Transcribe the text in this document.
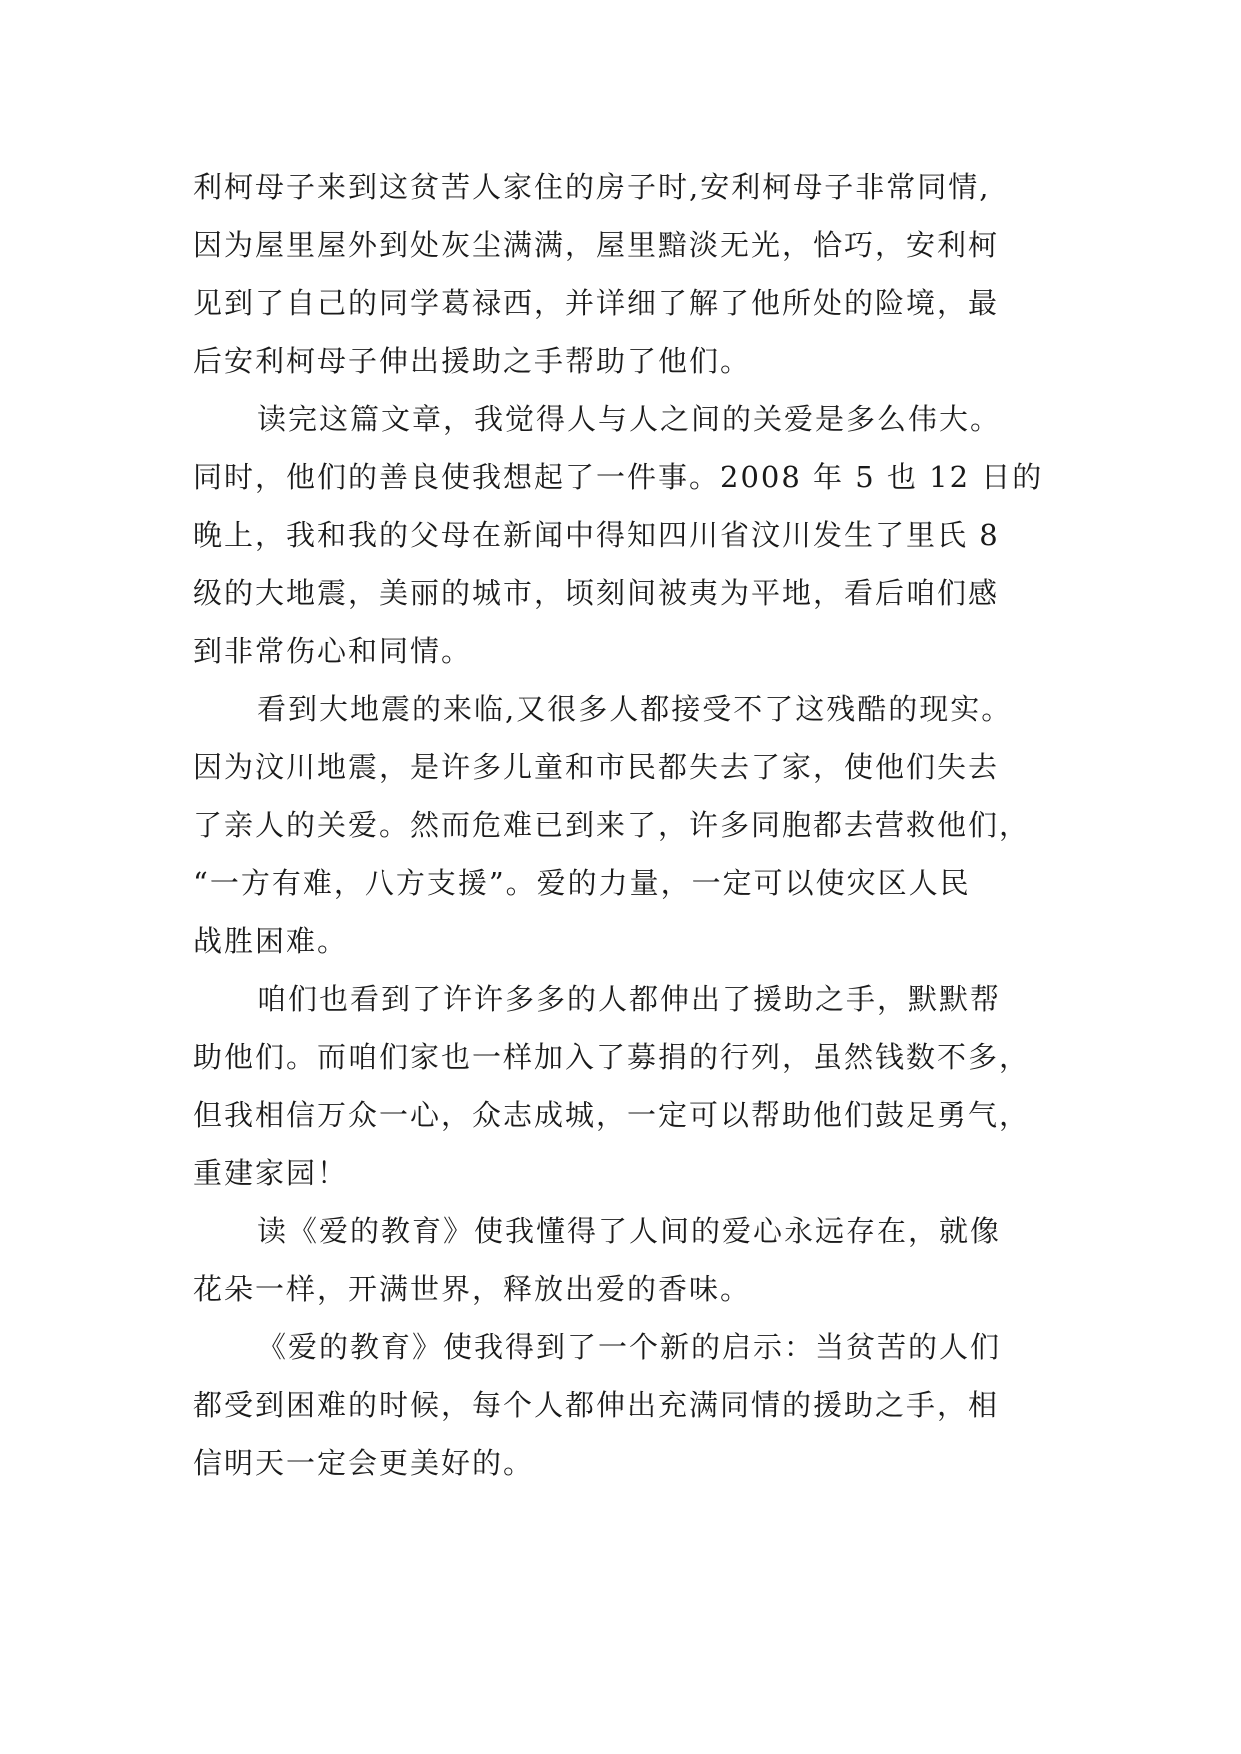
利柯母子来到这贫苦人家住的房子时,安利柯母子非常同情,
因为屋里屋外到处灰尘满满，屋里黯淡无光，恰巧，安利柯
见到了自己的同学葛禄西，并详细了解了他所处的险境，最
后安利柯母子伸出援助之手帮助了他们。
读完这篇文章，我觉得人与人之间的关爱是多么伟大。
同时，他们的善良使我想起了一件事。2008 年 5 也 12 日的
晚上，我和我的父母在新闻中得知四川省汶川发生了里氏 8
级的大地震，美丽的城市，顷刻间被夷为平地，看后咱们感
到非常伤心和同情。
看到大地震的来临,又很多人都接受不了这残酷的现实。
因为汶川地震，是许多儿童和市民都失去了家，使他们失去
了亲人的关爱。然而危难已到来了，许多同胞都去营救他们，
“一方有难，八方支援”。爱的力量，一定可以使灾区人民
战胜困难。
咱们也看到了许许多多的人都伸出了援助之手，默默帮
助他们。而咱们家也一样加入了募捐的行列，虽然钱数不多，
但我相信万众一心，众志成城，一定可以帮助他们鼓足勇气，
重建家园！
读《爱的教育》使我懂得了人间的爱心永远存在，就像
花朵一样，开满世界，释放出爱的香味。
《爱的教育》使我得到了一个新的启示：当贫苦的人们
都受到困难的时候，每个人都伸出充满同情的援助之手，相
信明天一定会更美好的。
